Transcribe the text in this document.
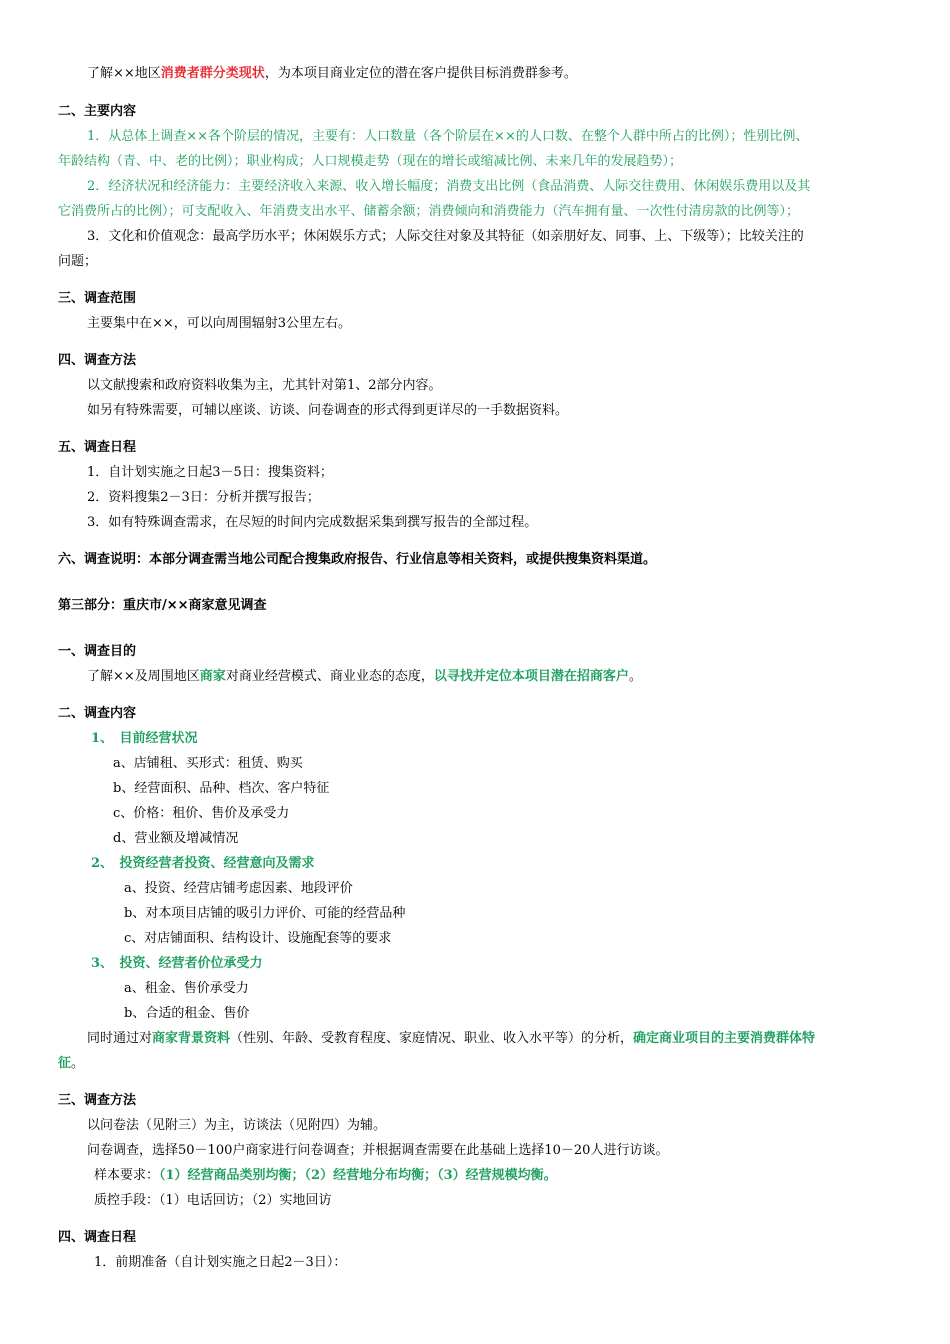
了解××地区消费者群分类现状，为本项目商业定位的潜在客户提供目标消费群参考。
二、主要内容
1．从总体上调查××各个阶层的情况，主要有：人口数量（各个阶层在××的人口数、在整个人群中所占的比例）；性别比例、
年龄结构（青、中、老的比例）；职业构成；人口规模走势（现在的增长或缩减比例、未来几年的发展趋势）；
2．经济状况和经济能力：主要经济收入来源、收入增长幅度；消费支出比例（食品消费、人际交往费用、休闲娱乐费用以及其
它消费所占的比例）；可支配收入、年消费支出水平、储蓄余额；消费倾向和消费能力（汽车拥有量、一次性付清房款的比例等）；
3．文化和价值观念：最高学历水平；休闲娱乐方式；人际交往对象及其特征（如亲朋好友、同事、上、下级等）；比较关注的
问题；
三、调查范围
主要集中在××，可以向周围辐射3公里左右。
四、调查方法
以文献搜索和政府资料收集为主，尤其针对第1、2部分内容。
如另有特殊需要，可辅以座谈、访谈、问卷调查的形式得到更详尽的一手数据资料。
五、调查日程
1．自计划实施之日起3－5日：搜集资料；
2．资料搜集2－3日：分析并撰写报告；
3．如有特殊调查需求，在尽短的时间内完成数据采集到撰写报告的全部过程。
六、调查说明：本部分调查需当地公司配合搜集政府报告、行业信息等相关资料，或提供搜集资料渠道。
第三部分：重庆市/××商家意见调查
一、调查目的
了解××及周围地区商家对商业经营模式、商业业态的态度，以寻找并定位本项目潜在招商客户。
二、调查内容
1、　目前经营状况
a、店铺租、买形式：租赁、购买
b、经营面积、品种、档次、客户特征
c、价格：租价、售价及承受力
d、营业额及增减情况
2、　投资经营者投资、经营意向及需求
a、投资、经营店铺考虑因素、地段评价
b、对本项目店铺的吸引力评价、可能的经营品种
c、对店铺面积、结构设计、设施配套等的要求
3、　投资、经营者价位承受力
a、租金、售价承受力
b、合适的租金、售价
同时通过对商家背景资料（性别、年龄、受教育程度、家庭情况、职业、收入水平等）的分析，确定商业项目的主要消费群体特
征。
三、调查方法
以问卷法（见附三）为主，访谈法（见附四）为辅。
问卷调查，选择50－100户商家进行问卷调查；并根据调查需要在此基础上选择10－20人进行访谈。
样本要求：（1）经营商品类别均衡；（2）经营地分布均衡；（3）经营规模均衡。
质控手段：（1）电话回访；（2）实地回访
四、调查日程
1．前期准备（自计划实施之日起2－3日）：
